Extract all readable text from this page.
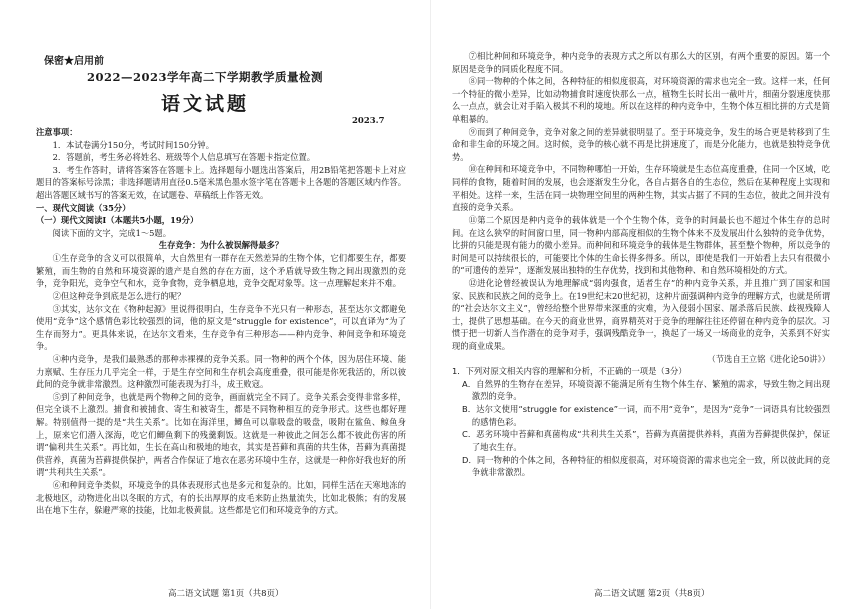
保密★启用前
2022—2023学年高二下学期教学质量检测
语文试题
2023.7

注意事项：

1．本试卷满分150分，考试时间150分钟。

2．答题前，考生务必将姓名、班级等个人信息填写在答题卡指定位置。

3．考生作答时，请将答案答在答题卡上。选择题每小题选出答案后，用2B铅笔把答题卡上对应题目的答案标号涂黑；非选择题请用直径0.5毫米黑色墨水签字笔在答题卡上各题的答题区域内作答。超出答题区域书写的答案无效，在试题卷、草稿纸上作答无效。

一、现代文阅读（35分）

（一）现代文阅读Ⅰ（本题共5小题，19分）

阅读下面的文字，完成1～5题。

生存竞争：为什么被误解得最多？

①生存竞争的含义可以很简单，大自然里有一群存在天然差异的生物个体，它们都要生存，都要繁殖，而生物的自然和环境资源的遗产是自然的存在方面，这个矛盾就导致生物之间出现激烈的竞争，竞争阳光，竞争空气和水，竞争食物，竞争栖息地，竞争交配对象等。这一点理解起来并不难。

②但这种竞争到底是怎么进行的呢？

③其实，达尔文在《物种起源》里说得很明白，生存竞争不光只有一种形态，甚至达尔文都避免使用“竞争”这个感情色彩比较强烈的词，他的原文是“struggle for existence”，可以直译为“为了生存而努力”。更具体来说，在达尔文看来，生存竞争有三种形态——种内竞争、种间竞争和环境竞争。

④种内竞争，是我们最熟悉的那种赤裸裸的竞争关系。同一物种的两个个体，因为居住环境、能力禀赋、生存压力几乎完全一样，于是生存空间和生存机会高度重叠，很可能是你死我活的，所以彼此间的竞争就非常激烈。这种激烈可能表现为打斗，成王败寇。

⑤到了种间竞争，也就是两个物种之间的竞争，画面就完全不同了。竞争关系会变得非常多样，但完全谈不上激烈。捕食和被捕食、寄生和被寄生，都是不同物种相互的竞争形式。这些也都好理解。特别值得一提的是“共生关系”。比如在海洋里，鲫鱼可以靠吸盘的吸盘，吸附在鲨鱼、鲸鱼身上，原来它们潜入深海，吃它们鲫鱼剩下的残羹剩饭。这就是一种彼此之间怎么都不彼此伤害的所谓“偏利共生关系”。再比如，生长在高山和极地的地衣，其实是苔藓和真菌的共生体，苔藓为真菌提供营养，真菌为苔藓提供保护，两者合作保证了地衣在恶劣环境中生存，这就是一种你好我也好的所谓“共利共生关系”。

⑥和种间竞争类似，环境竞争的具体表现形式也是多元和复杂的。比如，同样生活在天寒地冻的北极地区，动物进化出以冬眠的方式，有的长出厚厚的皮毛来防止热量流失，比如北极熊；有的发展出在地下生存，躲避严寒的技能，比如北极黄鼠。这些都是它们和环境竞争的方式。

高二语文试题 第1页（共8页）

⑦相比种间和环境竞争，种内竞争的表现方式之所以有那么大的区别，有两个重要的原因。第一个原因是竞争的同质化程度不同。

⑧同一物种的个体之间，各种特征的相似度很高，对环境资源的需求也完全一致。这样一来，任何一个特征的微小差异，比如动物捕食时速度快那么一点，植物生长时长出一截叶片，细菌分裂速度快那么一点点，就会让对手陷入极其不利的境地。所以在这样的种内竞争中，生物个体互相比拼的方式是简单粗暴的。

⑨而到了种间竞争，竞争对象之间的差异就很明显了。至于环境竞争，发生的场合更是转移到了生命和非生命的环境之间。这时候，竞争的核心就不再是比拼速度了，而是分化能力，也就是独特竞争优势。

⑩在种间和环境竞争中，不同物种哪怕一开始，生存环境就是生态位高度重叠，住同一个区域，吃同样的食物，随着时间的发展，也会逐渐发生分化，各自占据各自的生态位，然后在某种程度上实现和平相处。这样一来，生活在同一块物理空间里的两种生物，其实占据了不同的生态位，彼此之间并没有直接的竞争关系。

⑪第二个原因是种内竞争的载体就是一个个生物个体，竞争的时间最长也不超过个体生存的总时间。在这么狭窄的时间窗口里，同一物种内部高度相似的生物个体来不及发展出什么独特的竞争优势，比拼的只能是现有能力的微小差异。而种间和环境竞争的载体是生物群体，甚至整个物种，所以竞争的时间是可以持续很长的，可能要比个体的生命长得多得多。所以，即使是我们一开始看上去只有很微小的“可遗传的差异”，逐渐发展出独特的生存优势，找到和其他物种、和自然环境相处的方式。

⑫进化论曾经被误认为地理解成“弱肉强食，适者生存”的种内竞争关系，并且推广到了国家和国家、民族和民族之间的竞争上。在19世纪末20世纪初，这种片面强调种内竞争的理解方式，也就是所谓的“社会达尔文主义”，曾经给整个世界带来深重的灾难，为入侵弱小国家、屠杀落后民族、歧视残障人士，提供了思想基础。在今天的商业世界，商界精英对于竞争的理解往往还停留在种内竞争的层次。习惯于把一切新人当作潜在的竞争对手，强调残酷竞争一，换起了一场又一场商业的竞争，关系到不好实现的商业成果。

（节选自王立铭《进化论50讲》）

1．下列对原文相关内容的理解和分析，不正确的一项是（3分）

A．自然界的生物存在差异，环境资源不能满足所有生物个体生存、繁殖的需求，导致生物之间出现激烈的竞争。

B．达尔文使用“struggle for existence”一词，而不用“竞争”，是因为“竞争”一词语具有比较强烈的感情色彩。

C．恶劣环境中苔藓和真菌构成“共利共生关系”，苔藓为真菌提供养料，真菌为苔藓提供保护，保证了地衣生存。

D．同一物种的个体之间，各种特征的相似度很高，对环境资源的需求也完全一致，所以彼此间的竞争就非常激烈。

高二语文试题 第2页（共8页）
